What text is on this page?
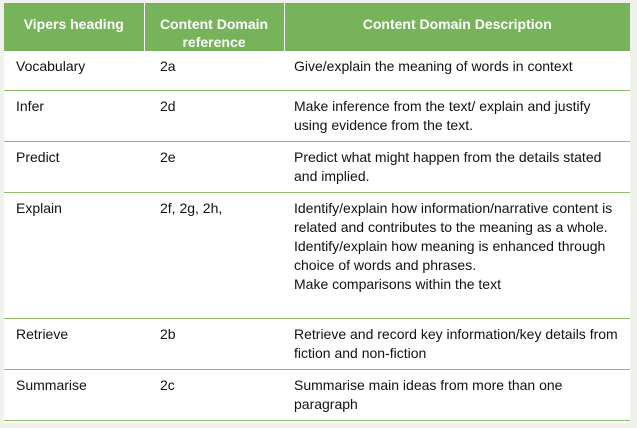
Vipers heading	Content Domain reference	Content Domain Description
Vocabulary	2a	Give/explain the meaning of words in context

Infer	2d	Make inference from the text/ explain and justify using evidence from the text.

Predict	2e	Predict what might happen from the details stated and implied.

Explain	2f, 2g, 2h,	Identify/explain how information/narrative content is related and contributes to the meaning as a whole.
Identify/explain how meaning is enhanced through choice of words and phrases.
Make comparisons within the text

Retrieve	2b	Retrieve and record key information/key details from fiction and non-fiction

Summarise	2c	Summarise main ideas from more than one paragraph
